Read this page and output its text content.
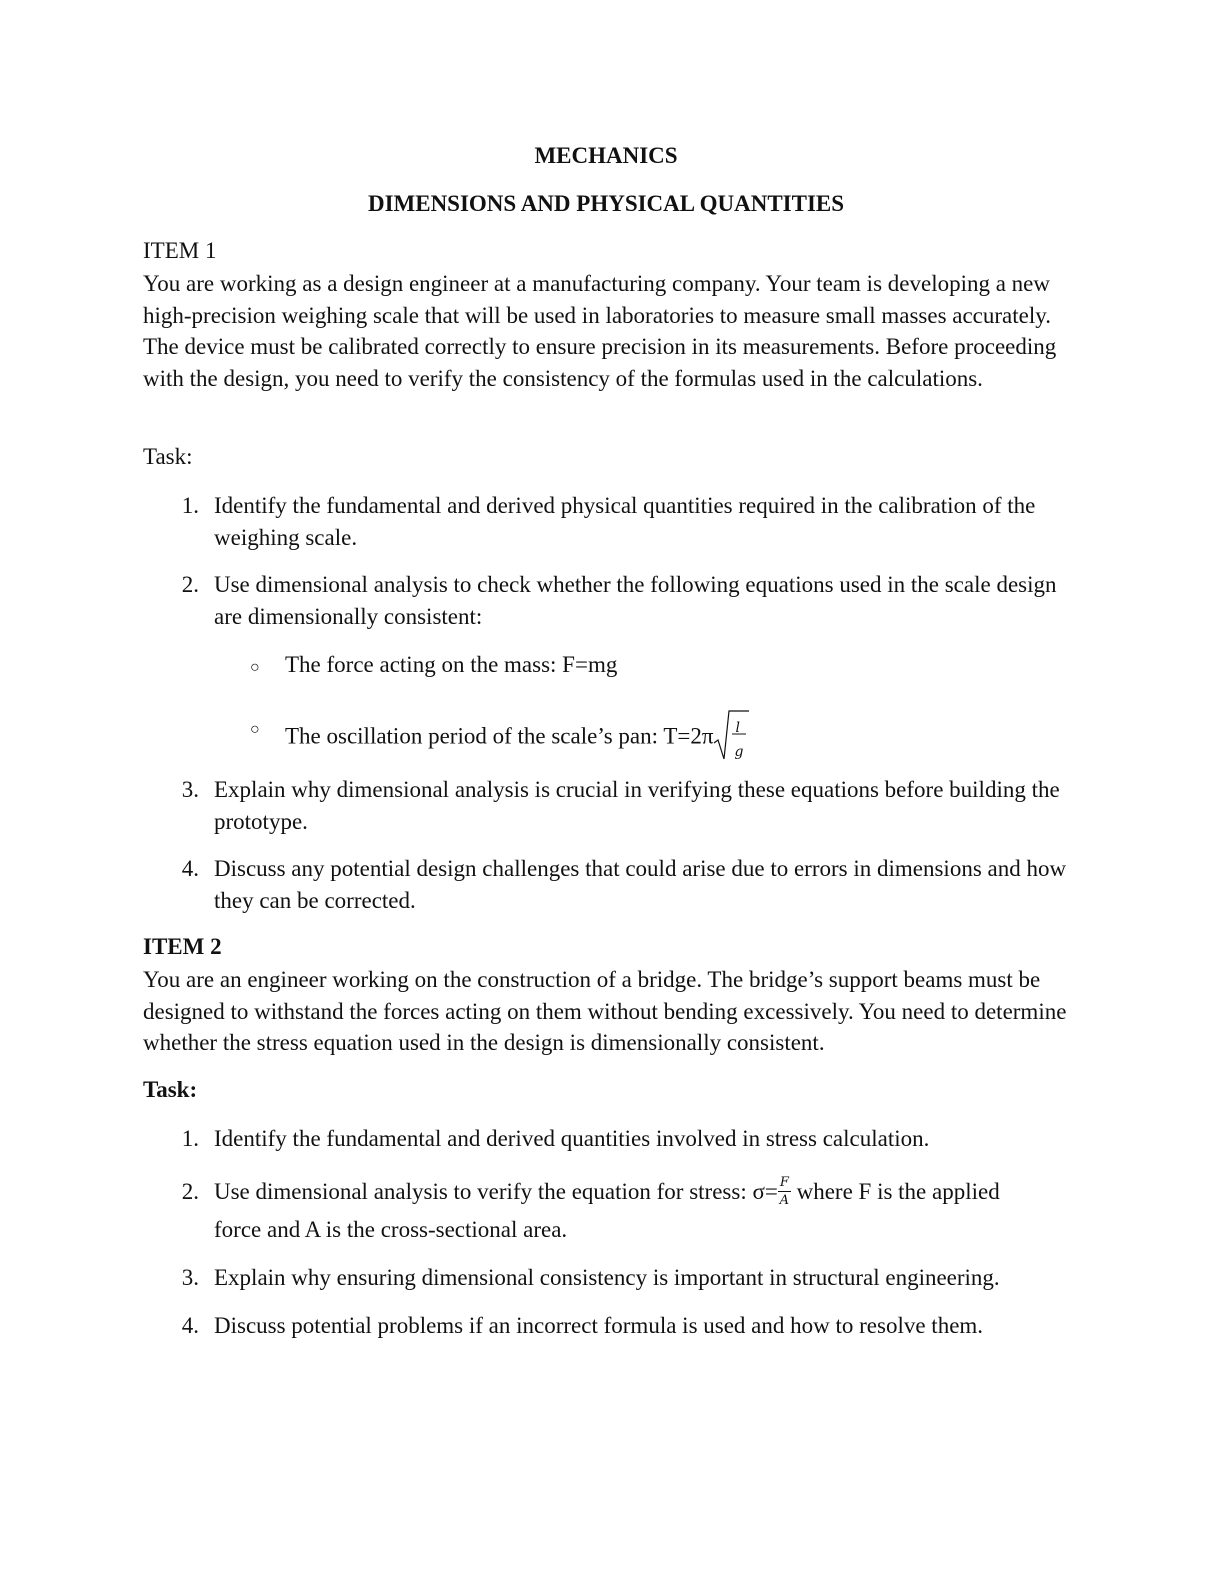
MECHANICS
DIMENSIONS AND PHYSICAL QUANTITIES
ITEM 1
You are working as a design engineer at a manufacturing company. Your team is developing a new high-precision weighing scale that will be used in laboratories to measure small masses accurately. The device must be calibrated correctly to ensure precision in its measurements. Before proceeding with the design, you need to verify the consistency of the formulas used in the calculations.
Task:
1. Identify the fundamental and derived physical quantities required in the calibration of the weighing scale.
2. Use dimensional analysis to check whether the following equations used in the scale design are dimensionally consistent:
○ The force acting on the mass: F=mg
○ The oscillation period of the scale’s pan: T=2π l
g
3. Explain why dimensional analysis is crucial in verifying these equations before building the prototype.
4. Discuss any potential design challenges that could arise due to errors in dimensions and how they can be corrected.
ITEM 2
You are an engineer working on the construction of a bridge. The bridge’s support beams must be designed to withstand the forces acting on them without bending excessively. You need to determine whether the stress equation used in the design is dimensionally consistent.
Task:
1. Identify the fundamental and derived quantities involved in stress calculation.
2. Use dimensional analysis to verify the equation for stress: $\sigma= \frac{F}{A}$ where F is the applied
force and A is the cross-sectional area.
3. Explain why ensuring dimensional consistency is important in structural engineering.
4. Discuss potential problems if an incorrect formula is used and how to resolve them.
